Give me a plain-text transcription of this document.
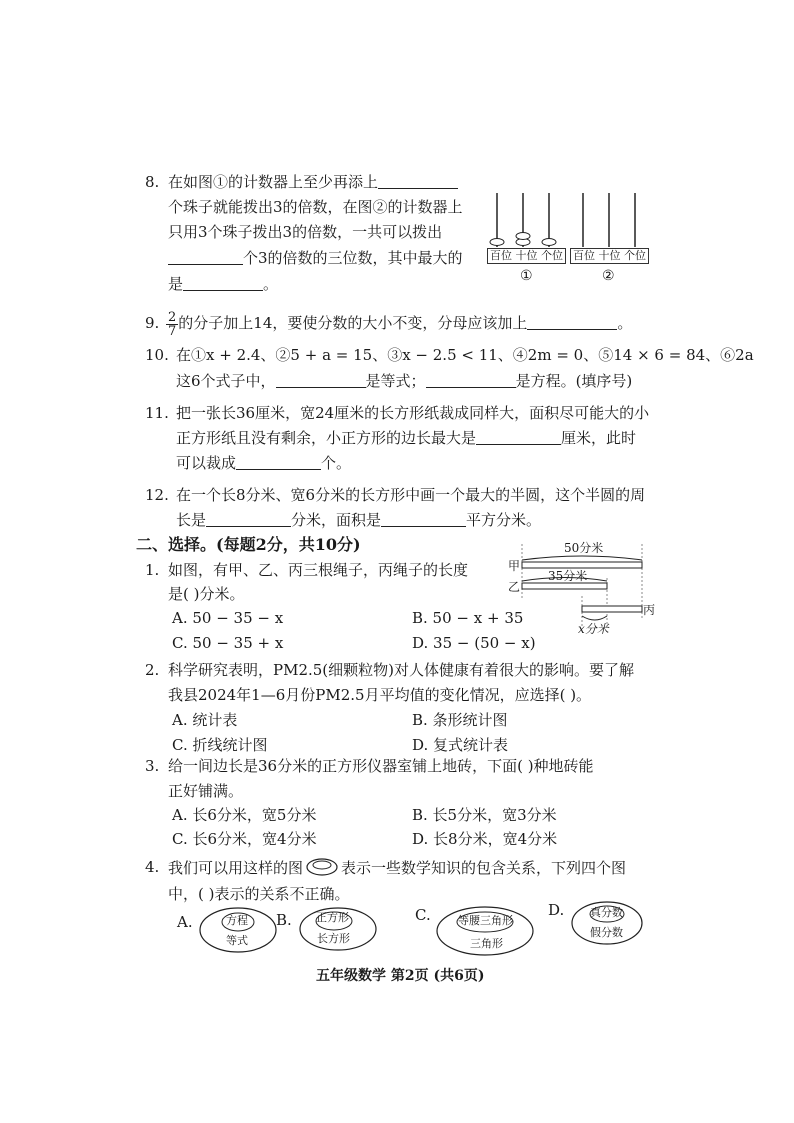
8. 在如图①的计数器上至少再添上
个珠子就能拨出3的倍数，在图②的计数器上
只用3个珠子拨出3的倍数，一共可以拨出
个3的倍数的三位数，其中最大的
是	。
百位 十位 个位 百位 十位 个位
①	②
9. $\frac{2}{7}$ 的分子加上14，要使分数的大小不变，分母应该加上	。
10. 在①x + 2.4、②5 + a = 15、③x − 2.5 < 11、④2m = 0、⑤14 × 6 = 84、⑥2a
这6个式子中，	是等式；	是方程。(填序号)
11. 把一张长36厘米，宽24厘米的长方形纸裁成同样大，面积尽可能大的小
正方形纸且没有剩余，小正方形的边长最大是	厘米，此时
可以裁成	个。
12. 在一个长8分米、宽6分米的长方形中画一个最大的半圆，这个半圆的周
长是	分米，面积是	平方分米。
二、选择。(每题2分，共10分)
1. 如图，有甲、乙、丙三根绳子，丙绳子的长度
是( )分米。
A. 50 − 35 − x	B. 50 − x + 35
C. 50 − 35 + x	D. 35 − (50 − x)
50分米
35分米
x分米
甲
乙
丙
2. 科学研究表明，PM2.5(细颗粒物)对人体健康有着很大的影响。要了解
我县2024年1—6月份PM2.5月平均值的变化情况，应选择( )。
A. 统计表	B. 条形统计图
C. 折线统计图	D. 复式统计表
3. 给一间边长是36分米的正方形仪器室铺上地砖，下面( )种地砖能
正好铺满。
A. 长6分米，宽5分米	B. 长5分米，宽3分米
C. 长6分米，宽4分米	D. 长8分米，宽4分米
4. 我们可以用这样的图	表示一些数学知识的包含关系，下列四个图
中，( )表示的关系不正确。
A.	方程
等式
B. 正方形
长方形
C. 等腰三角形
三角形
D. 真分数
假分数
五年级数学 第2页 (共6页)
